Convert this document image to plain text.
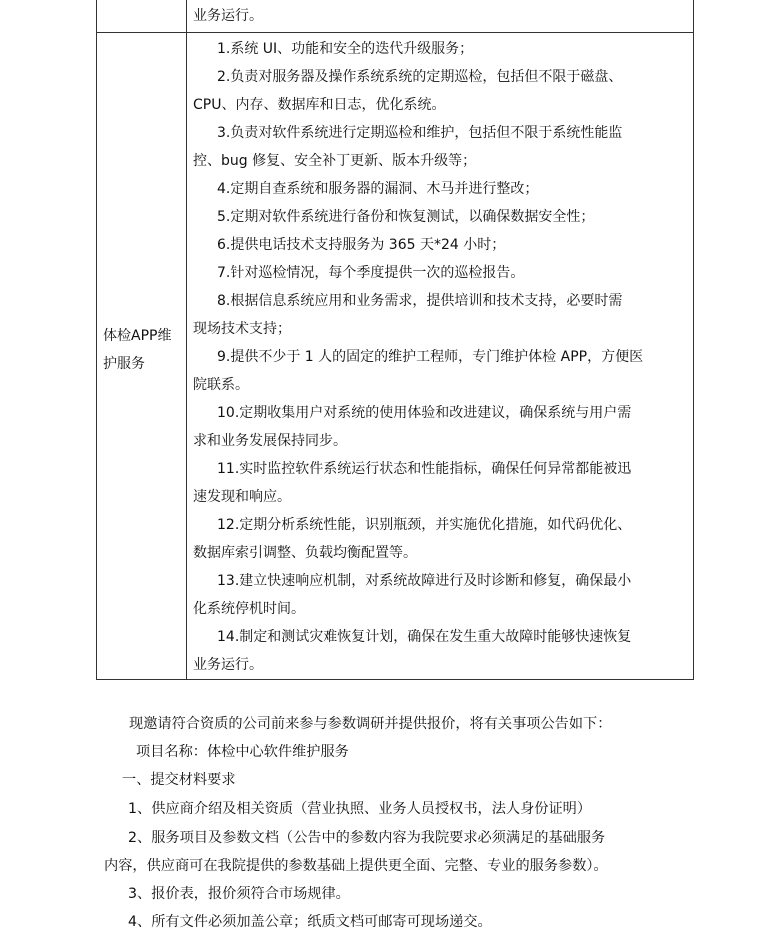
业务运行。
体检APP维护服务
1.系统 UI、功能和安全的迭代升级服务；
2.负责对服务器及操作系统系统的定期巡检，包括但不限于磁盘、
CPU、内存、数据库和日志，优化系统。
3.负责对软件系统进行定期巡检和维护，包括但不限于系统性能监
控、bug 修复、安全补丁更新、版本升级等；
4.定期自查系统和服务器的漏洞、木马并进行整改；
5.定期对软件系统进行备份和恢复测试，以确保数据安全性；
6.提供电话技术支持服务为 365 天*24 小时；
7.针对巡检情况，每个季度提供一次的巡检报告。
8.根据信息系统应用和业务需求，提供培训和技术支持，必要时需
现场技术支持；
9.提供不少于 1 人的固定的维护工程师，专门维护体检 APP，方便医
院联系。
10.定期收集用户对系统的使用体验和改进建议，确保系统与用户需
求和业务发展保持同步。
11.实时监控软件系统运行状态和性能指标，确保任何异常都能被迅
速发现和响应。
12.定期分析系统性能，识别瓶颈，并实施优化措施，如代码优化、
数据库索引调整、负载均衡配置等。
13.建立快速响应机制，对系统故障进行及时诊断和修复，确保最小
化系统停机时间。
14.制定和测试灾难恢复计划，确保在发生重大故障时能够快速恢复
业务运行。
现邀请符合资质的公司前来参与参数调研并提供报价，将有关事项公告如下：
项目名称：体检中心软件维护服务
一、提交材料要求
1、供应商介绍及相关资质（营业执照、业务人员授权书，法人身份证明）
2、服务项目及参数文档（公告中的参数内容为我院要求必须满足的基础服务
内容，供应商可在我院提供的参数基础上提供更全面、完整、专业的服务参数）。
3、报价表，报价须符合市场规律。
4、所有文件必须加盖公章；纸质文档可邮寄可现场递交。
